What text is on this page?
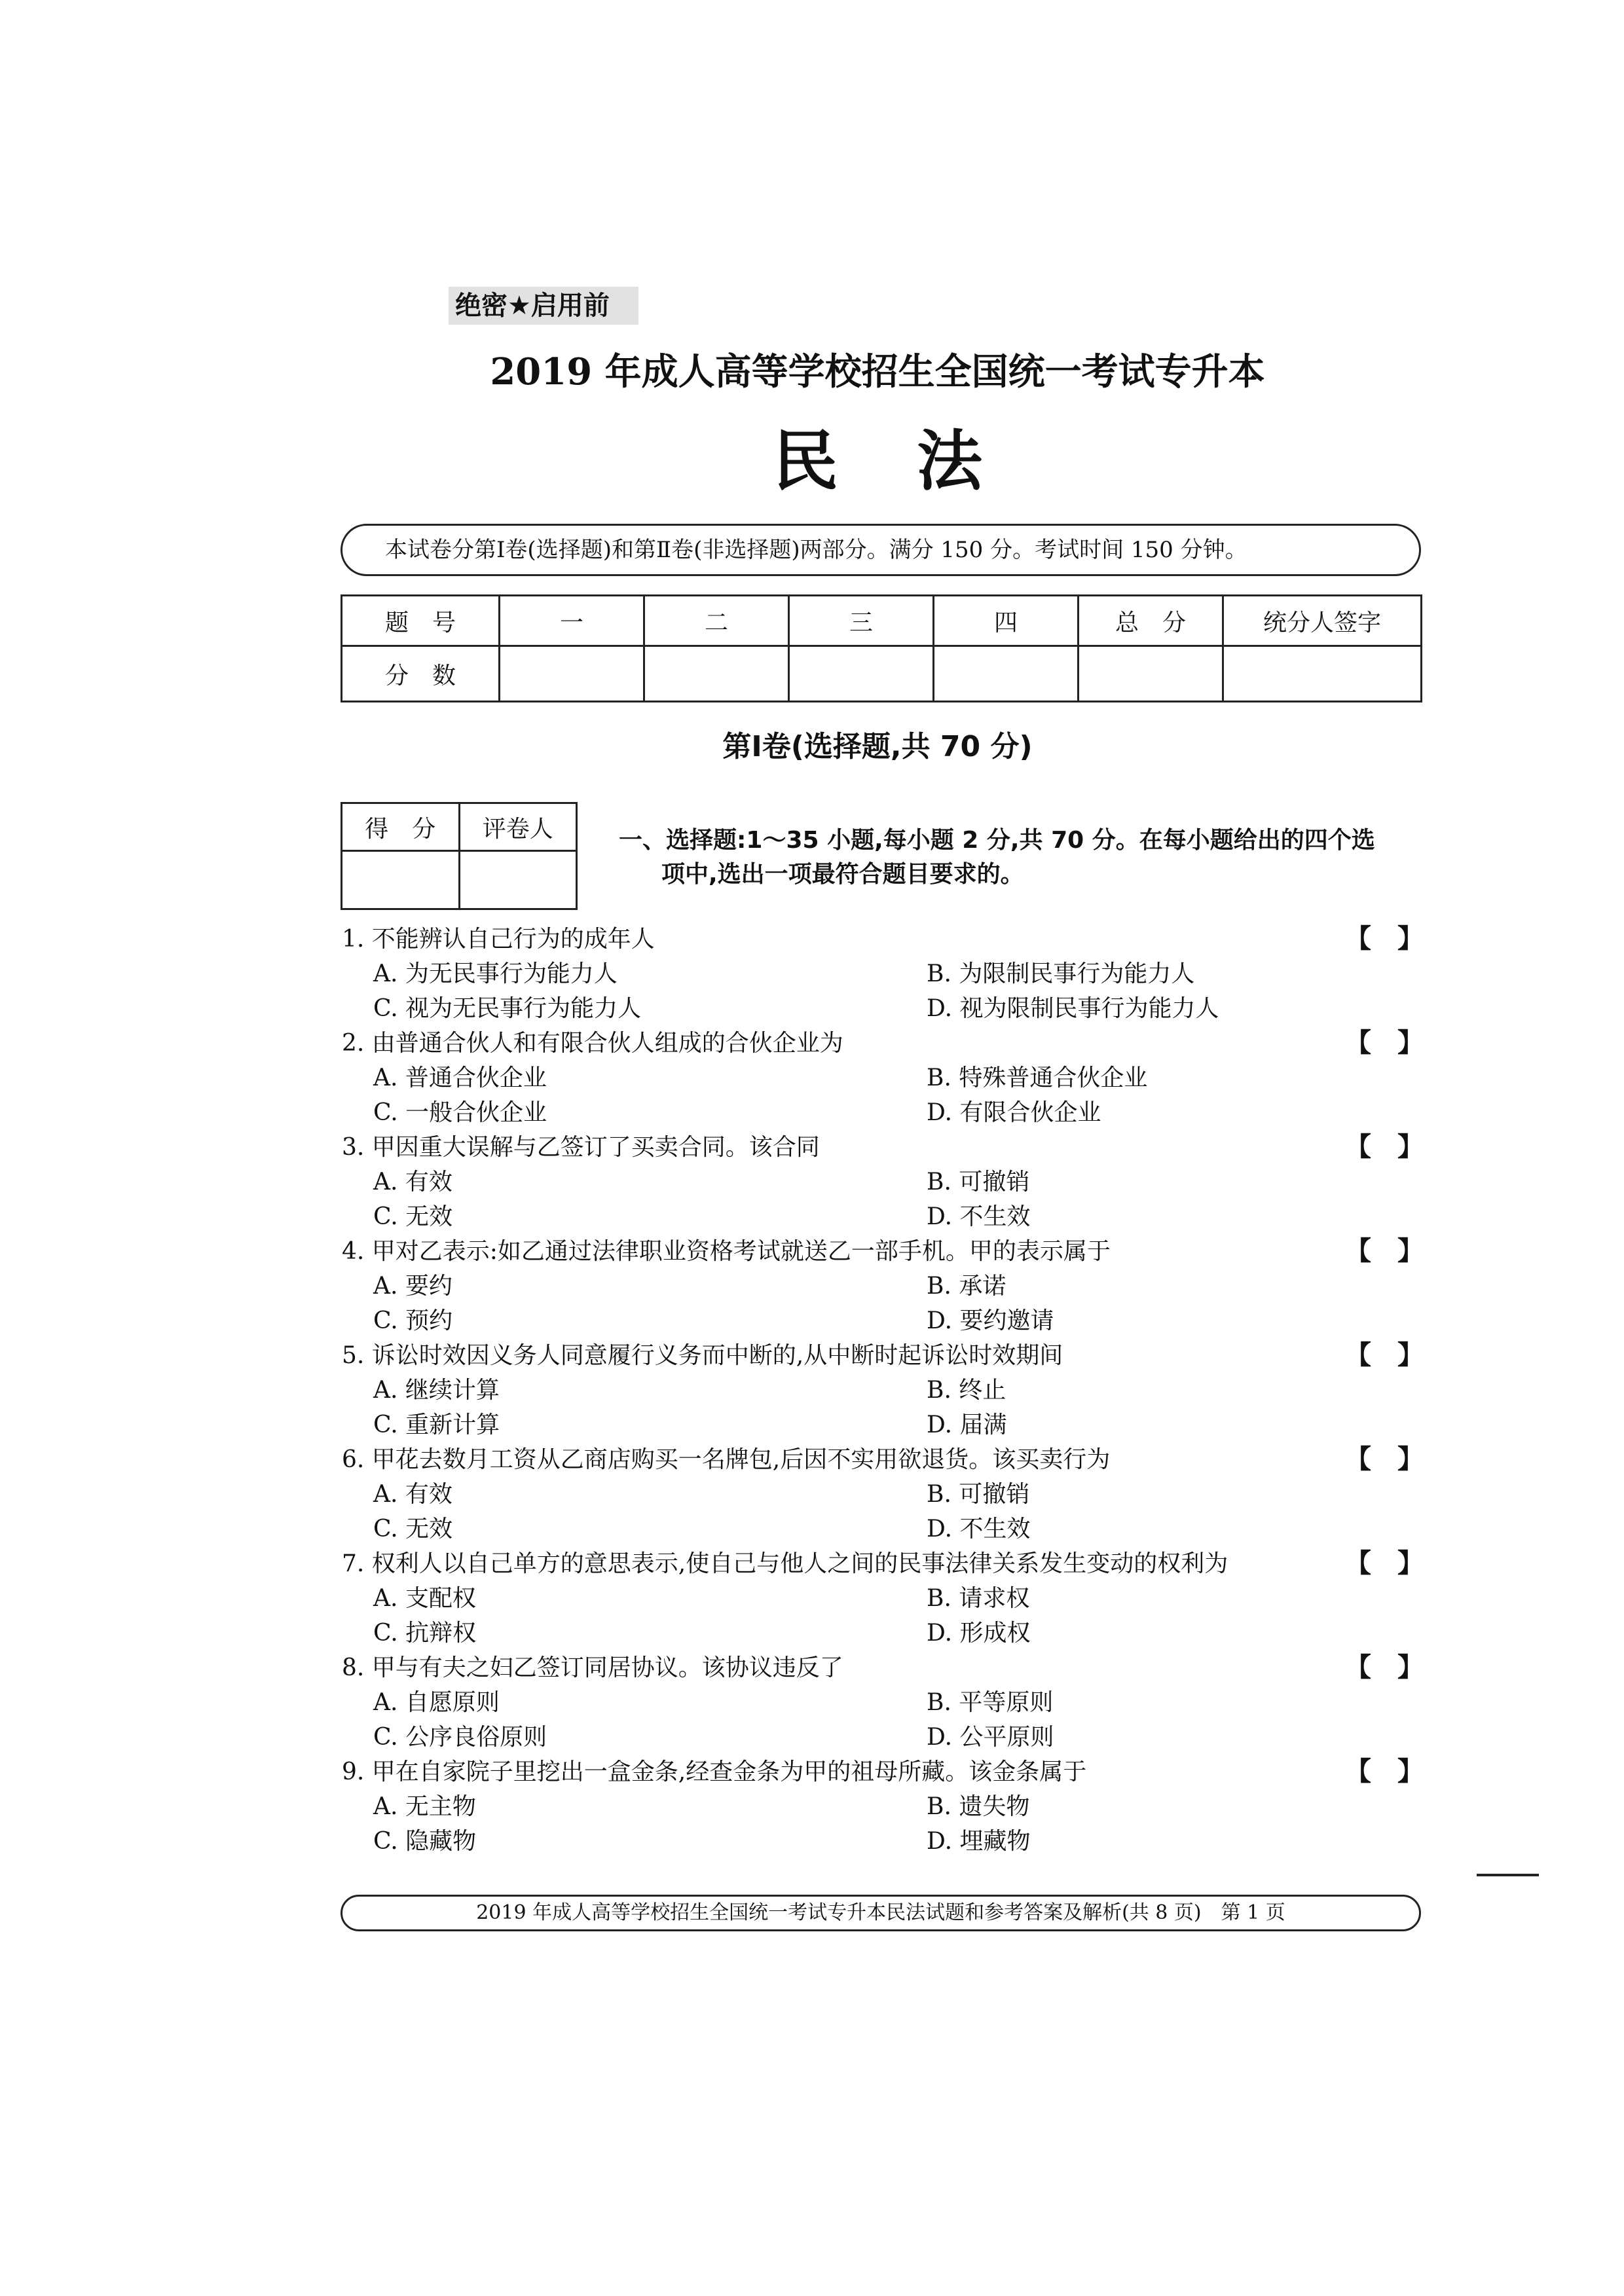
绝密★启用前
2019 年成人高等学校招生全国统一考试专升本
民法
本试卷分第Ⅰ卷(选择题)和第Ⅱ卷(非选择题)两部分。满分 150 分。考试时间 150 分钟。
题　号	一	二	三	四	总　分	统分人签字
分　数						
第Ⅰ卷(选择题,共 70 分)
得　分	评卷人
		一、选择题:1～35 小题,每小题 2 分,共 70 分。在每小题给出的四个选
项中,选出一项最符合题目要求的。
1. 不能辨认自己行为的成年人	【 】
A. 为无民事行为能力人	B. 为限制民事行为能力人
C. 视为无民事行为能力人	D. 视为限制民事行为能力人
2. 由普通合伙人和有限合伙人组成的合伙企业为	【 】
A. 普通合伙企业	B. 特殊普通合伙企业
C. 一般合伙企业	D. 有限合伙企业
3. 甲因重大误解与乙签订了买卖合同。该合同	【 】
A. 有效	B. 可撤销
C. 无效	D. 不生效
4. 甲对乙表示:如乙通过法律职业资格考试就送乙一部手机。甲的表示属于	【 】
A. 要约	B. 承诺
C. 预约	D. 要约邀请
5. 诉讼时效因义务人同意履行义务而中断的,从中断时起诉讼时效期间	【 】
A. 继续计算	B. 终止
C. 重新计算	D. 届满
6. 甲花去数月工资从乙商店购买一名牌包,后因不实用欲退货。该买卖行为	【 】
A. 有效	B. 可撤销
C. 无效	D. 不生效
7. 权利人以自己单方的意思表示,使自己与他人之间的民事法律关系发生变动的权利为	【 】
A. 支配权	B. 请求权
C. 抗辩权	D. 形成权
8. 甲与有夫之妇乙签订同居协议。该协议违反了	【 】
A. 自愿原则	B. 平等原则
C. 公序良俗原则	D. 公平原则
9. 甲在自家院子里挖出一盒金条,经查金条为甲的祖母所藏。该金条属于	【 】
A. 无主物	B. 遗失物
C. 隐藏物	D. 埋藏物
2019 年成人高等学校招生全国统一考试专升本民法试题和参考答案及解析(共 8 页)　第 1 页
